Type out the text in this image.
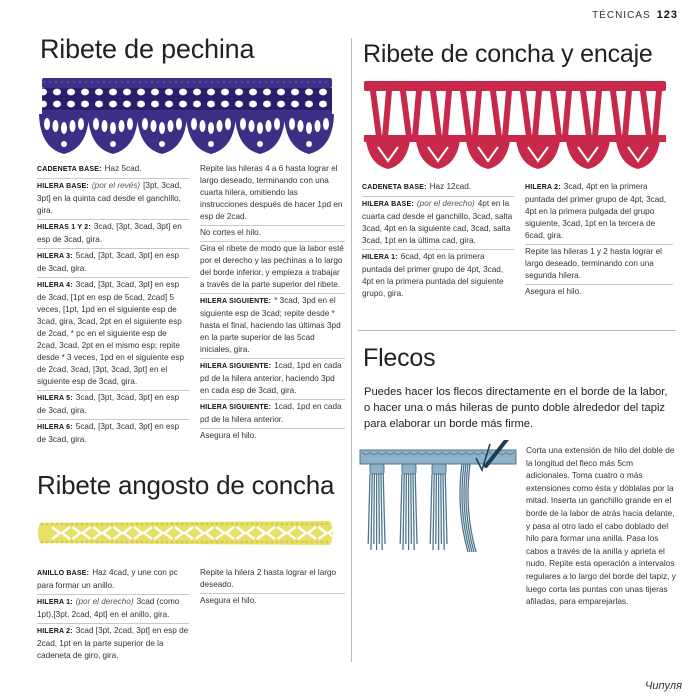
TÉCNICAS 123
Ribete de pechina
CADENETA BASE: Haz 5cad.
HILERA BASE: (por el revés) [3pt, 3cad, 3pt] en la quinta cad desde el ganchillo, gira.
HILERAS 1 Y 2: 3cad, [3pt, 3cad, 3pt] en esp de 3cad, gira.
HILERA 3: 5cad, [3pt, 3cad, 3pt] en esp de 3cad, gira.
HILERA 4: 3cad, [3pt, 3cad, 3pt] en esp de 3cad, [1pt en esp de 5cad, 2cad] 5 veces, [1pt, 1pd en el siguiente esp de 3cad, gira, 3cad, 2pt en el siguiente esp de 2cad, * pc en el siguiente esp de 2cad, 3cad, 2pt en el mismo esp; repite desde * 3 veces, 1pd en el siguiente esp de 2cad, 3cad, [3pt, 3cad, 3pt] en el siguiente esp de 3cad, gira.
HILERA 5: 3cad, [3pt, 3cad, 3pt] en esp de 3cad, gira.
HILERA 6: 5cad, [3pt, 3cad, 3pt] en esp de 3cad, gira.
Repite las hileras 4 a 6 hasta lograr el largo deseado, terminando con una cuarta hilera, omitiendo las instrucciones después de hacer 1pd en esp de 2cad.
No cortes el hilo.
Gira el ribete de modo que la labor esté por el derecho y las pechinas a lo largo del borde inferior, y empieza a trabajar a través de la parte superior del ribete.
HILERA SIGUIENTE: * 3cad, 3pd en el siguiente esp de 3cad; repite desde * hasta el final, haciendo las últimas 3pd en la parte superior de las 5cad iniciales, gira.
HILERA SIGUIENTE: 1cad, 1pd en cada pd de la hilera anterior, haciendo 3pd en cada esp de 3cad, gira.
HILERA SIGUIENTE: 1cad, 1pd en cada pd de la hilera anterior.
Asegura el hilo.
Ribete angosto de concha
ANILLO BASE: Haz 4cad, y une con pc para formar un anillo.
HILERA 1: (por el derecho) 3cad (como 1pt),[3pt, 2cad, 4pt] en el anillo, gira.
HILERA 2: 3cad [3pt, 2cad, 3pt] en esp de 2cad, 1pt en la parte superior de la cadeneta de giro, gira.
Repite la hilera 2 hasta lograr el largo deseado.
Asegura el hilo.
Ribete de concha y encaje
CADENETA BASE: Haz 12cad.
HILERA BASE: (por el derecho) 4pt en la cuarta cad desde el ganchillo, 3cad, salta 3cad, 4pt en la siguiente cad, 3cad, salta 3cad, 1pt en la última cad, gira.
HILERA 1: 6cad, 4pt en la primera puntada del primer grupo de 4pt, 3cad, 4pt en la primera puntada del siguiente grupo, gira.
HILERA 2: 3cad, 4pt en la primera puntada del primer grupo de 4pt, 3cad, 4pt en la primera pulgada del grupo siguiente, 3cad, 1pt en la tercera de 6cad, gira.
Repite las hileras 1 y 2 hasta lograr el largo deseado, terminando con una segunda hilera.
Asegura el hilo.
Flecos

Puedes hacer los flecos directamente en el borde de la labor, o hacer una o más hileras de punto doble alrededor del tapiz para elaborar un borde más firme.

Corta una extensión de hilo del doble de la longitud del fleco más 5cm adicionales. Toma cuatro o más extensiones como ésta y dóblalas por la mitad. Inserta un ganchillo grande en el borde de la labor de atrás hacia delante, y pasa al otro lado el cabo doblado del hilo para formar una anilla. Pasa los cabos a través de la anilla y aprieta el nudo. Repite esta operación a intervalos regulares a lo largo del borde del tapiz, y luego corta las puntas con unas tijeras afiladas, para emparejarlas.

Чипуля
